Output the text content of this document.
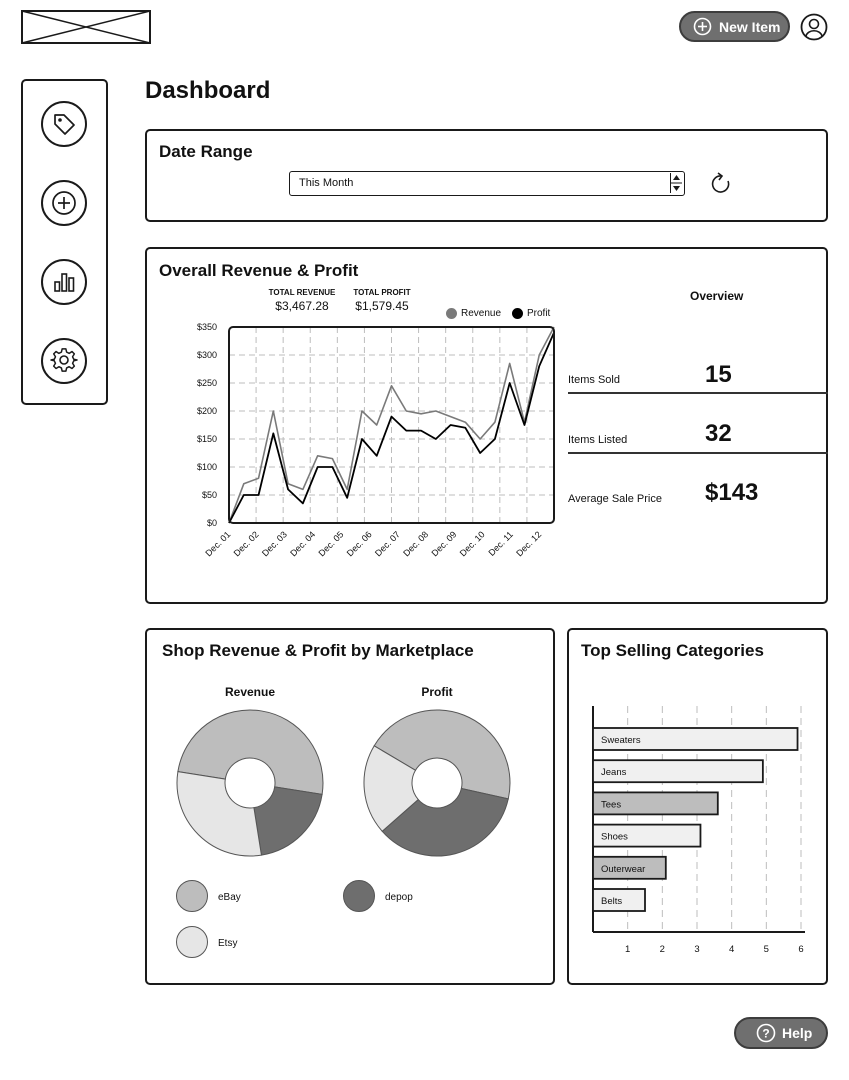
New Item
Dashboard
Date Range
This Month
Overall Revenue & Profit
TOTAL REVENUE
$3,467.28
TOTAL PROFIT
$1,579.45
Revenue	Profit
$0
$50
$100
$150
$200
$250
$300
$350
Dec. 01 Dec. 02 Dec. 03 Dec. 04 Dec. 05 Dec. 06 Dec. 07 Dec. 08 Dec. 09 Dec. 10 Dec. 11 Dec. 12
Overview
Items Sold	15
Items Listed	32
Average Sale Price $143
Shop Revenue & Profit by Marketplace
Revenue	Profit
eBay	depop
Etsy
Top Selling Categories
Sweaters
Jeans
Tees
Shoes
Outerwear
Belts
1	2	3	4	5	6
? Help
